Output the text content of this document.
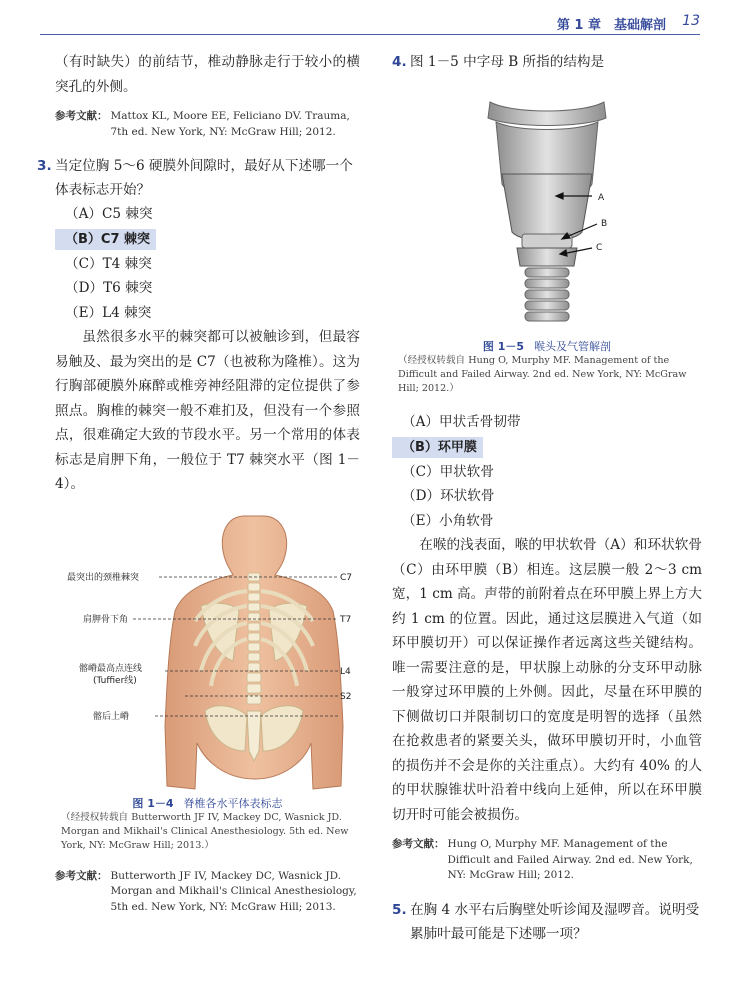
第 1 章　基础解剖 13

（有时缺失）的前结节，椎动静脉走行于较小的横突孔的外侧。

参考文献： Mattox KL, Moore EE, Feliciano DV. Trauma, 7th ed. New York, NY: McGraw Hill; 2012.
3. 当定位胸 5～6 硬膜外间隙时，最好从下述哪一个体表标志开始？
（A）C5 棘突
（B）C7 棘突
（C）T4 棘突
（D）T6 棘突
（E）L4 棘突

虽然很多水平的棘突都可以被触诊到，但最容易触及、最为突出的是 C7（也被称为隆椎）。这为行胸部硬膜外麻醉或椎旁神经阻滞的定位提供了参照点。胸椎的棘突一般不难扪及，但没有一个参照点，很难确定大致的节段水平。另一个常用的体表标志是肩胛下角，一般位于 T7 棘突水平（图 1－4）。

最突出的颈椎棘突
肩胛骨下角
髂嵴最高点连线
(Tuffier线)
髂后上嵴
C7
T7
L4
S2
图 1－4 脊椎各水平体表标志

（经授权转载自 Butterworth JF IV, Mackey DC, Wasnick JD. Morgan and Mikhail's Clinical Anesthesiology. 5th ed. New York, NY: McGraw Hill; 2013.）

参考文献： Butterworth JF IV, Mackey DC, Wasnick JD. Morgan and Mikhail's Clinical Anesthesiology, 5th ed. New York, NY: McGraw Hill; 2013.
4. 图 1－5 中字母 B 所指的结构是
A
B
C
图 1－5 喉头及气管解剖

（经授权转载自 Hung O, Murphy MF. Management of the Difficult and Failed Airway. 2nd ed. New York, NY: McGraw Hill; 2012.）

（A）甲状舌骨韧带
（B）环甲膜
（C）甲状软骨
（D）环状软骨
（E）小角软骨

在喉的浅表面，喉的甲状软骨（A）和环状软骨（C）由环甲膜（B）相连。这层膜一般 2～3 cm 宽，1 cm 高。声带的前附着点在环甲膜上界上方大约 1 cm 的位置。因此，通过这层膜进入气道（如环甲膜切开）可以保证操作者远离这些关键结构。唯一需要注意的是，甲状腺上动脉的分支环甲动脉一般穿过环甲膜的上外侧。因此，尽量在环甲膜的下侧做切口并限制切口的宽度是明智的选择（虽然在抢救患者的紧要关头，做环甲膜切开时，小血管的损伤并不会是你的关注重点）。大约有 40% 的人的甲状腺锥状叶沿着中线向上延伸，所以在环甲膜切开时可能会被损伤。

参考文献： Hung O, Murphy MF. Management of the Difficult and Failed Airway. 2nd ed. New York, NY: McGraw Hill; 2012.
5. 在胸 4 水平右后胸壁处听诊闻及湿啰音。说明受累肺叶最可能是下述哪一项？
